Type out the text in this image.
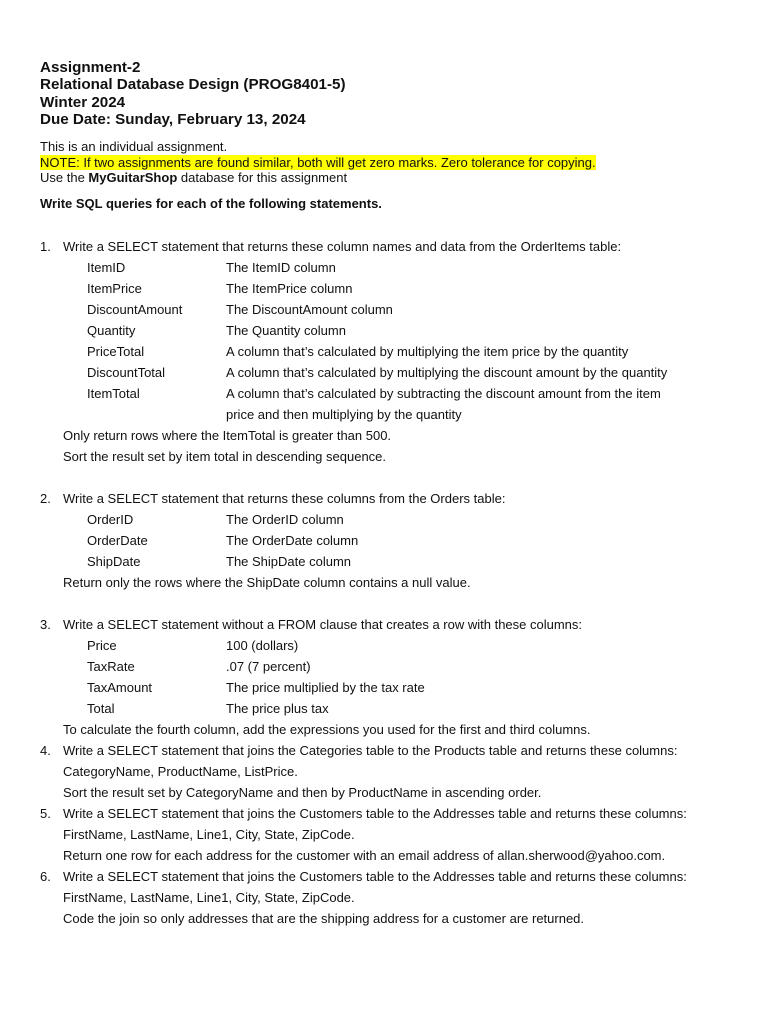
Assignment-2
Relational Database Design (PROG8401-5)
Winter 2024
Due Date: Sunday, February 13, 2024
This is an individual assignment.
NOTE: If two assignments are found similar, both will get zero marks. Zero tolerance for copying.
Use the MyGuitarShop database for this assignment
Write SQL queries for each of the following statements.
1. Write a SELECT statement that returns these column names and data from the OrderItems table:
ItemID	The ItemID column
ItemPrice	The ItemPrice column
DiscountAmount	The DiscountAmount column
Quantity	The Quantity column
PriceTotal	A column that’s calculated by multiplying the item price by the quantity
DiscountTotal	A column that’s calculated by multiplying the discount amount by the quantity
ItemTotal	A column that’s calculated by subtracting the discount amount from the item
price and then multiplying by the quantity
Only return rows where the ItemTotal is greater than 500.
Sort the result set by item total in descending sequence.
2. Write a SELECT statement that returns these columns from the Orders table:
OrderID	The OrderID column
OrderDate	The OrderDate column
ShipDate	The ShipDate column
Return only the rows where the ShipDate column contains a null value.
3. Write a SELECT statement without a FROM clause that creates a row with these columns:
Price	100 (dollars)
TaxRate	.07 (7 percent)
TaxAmount	The price multiplied by the tax rate
Total	The price plus tax
To calculate the fourth column, add the expressions you used for the first and third columns.
4. Write a SELECT statement that joins the Categories table to the Products table and returns these columns:
CategoryName, ProductName, ListPrice.
Sort the result set by CategoryName and then by ProductName in ascending order.
5. Write a SELECT statement that joins the Customers table to the Addresses table and returns these columns:
FirstName, LastName, Line1, City, State, ZipCode.
Return one row for each address for the customer with an email address of allan.sherwood@yahoo.com.
6. Write a SELECT statement that joins the Customers table to the Addresses table and returns these columns:
FirstName, LastName, Line1, City, State, ZipCode.
Code the join so only addresses that are the shipping address for a customer are returned.
